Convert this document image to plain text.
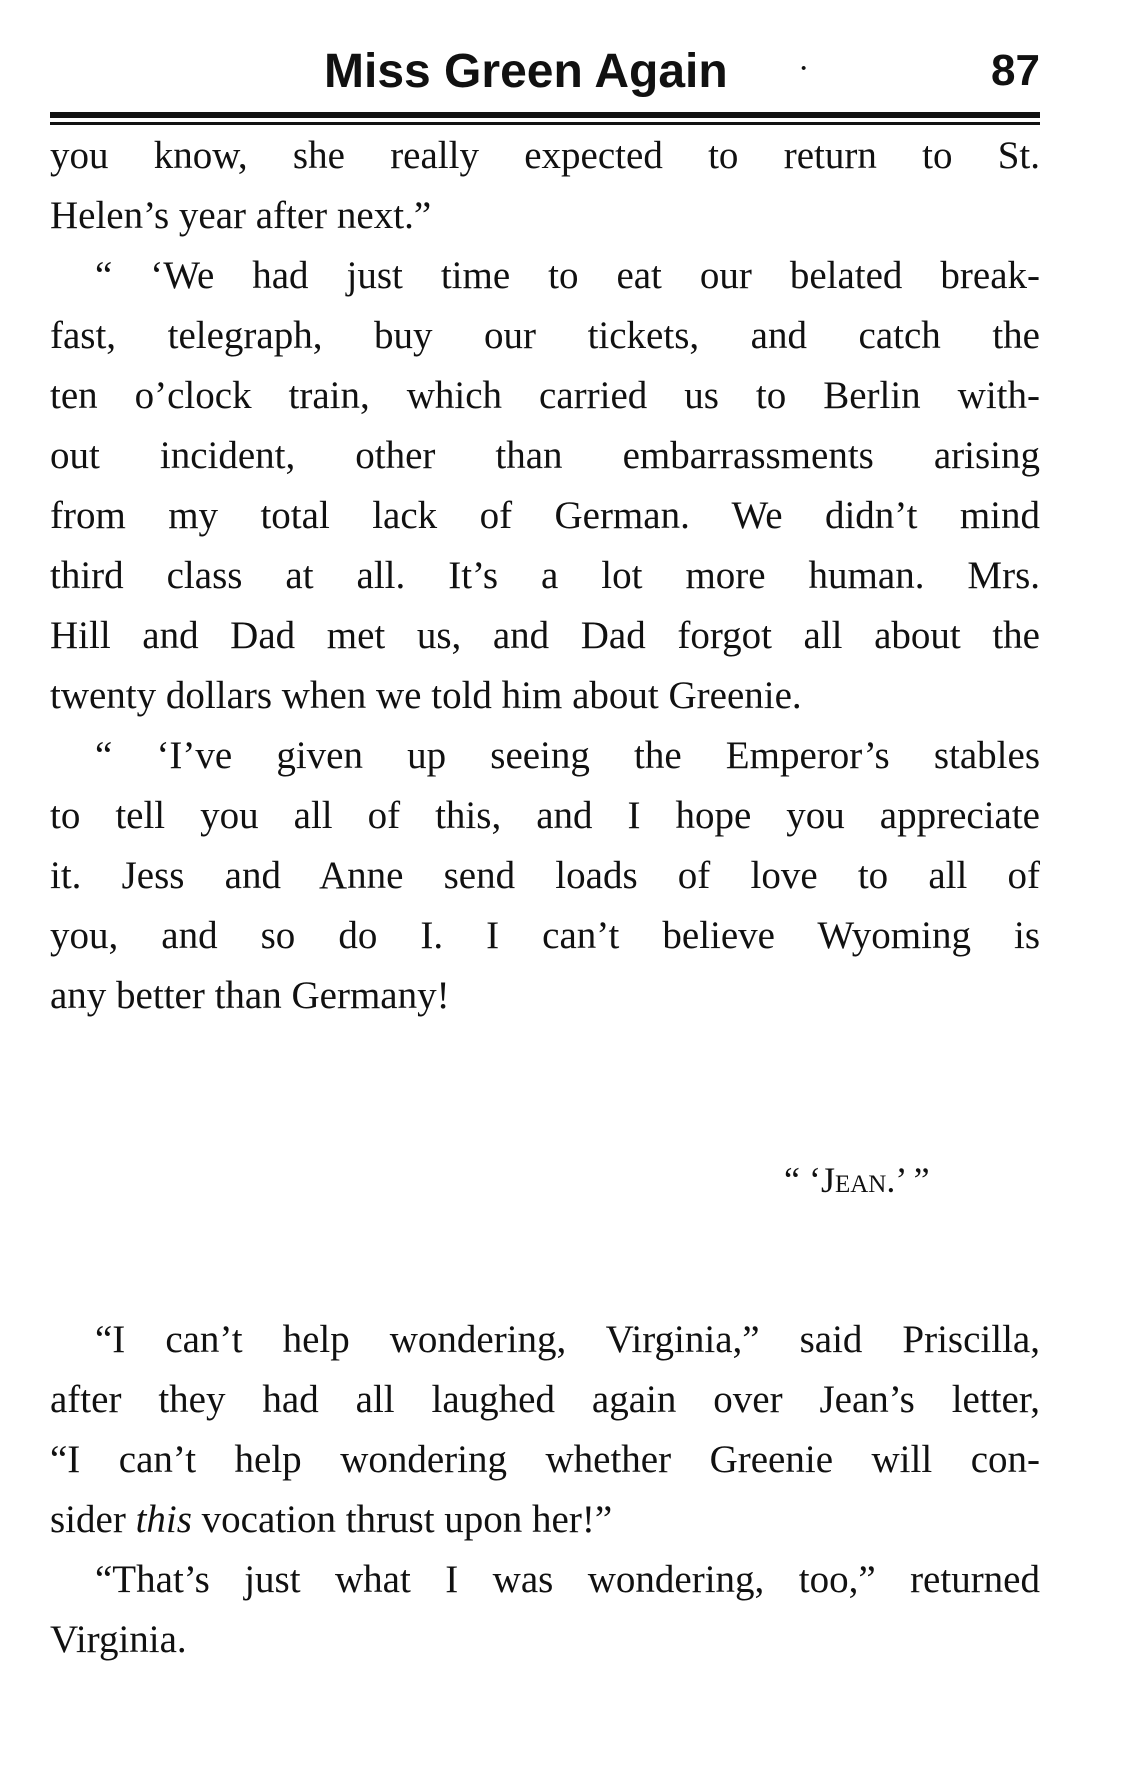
Miss Green Again ·	87
you know, she really expected to return to St.
Helen’s year after next.”
“ ‘We had just time to eat our belated break-
fast, telegraph, buy our tickets, and catch the
ten o’clock train, which carried us to Berlin with-
out incident, other than embarrassments arising
from my total lack of German. We didn’t mind
third class at all. It’s a lot more human. Mrs.
Hill and Dad met us, and Dad forgot all about the
twenty dollars when we told him about Greenie.
“ ‘I’ve given up seeing the Emperor’s stables
to tell you all of this, and I hope you appreciate
it. Jess and Anne send loads of love to all of
you, and so do I. I can’t believe Wyoming is
any better than Germany!
“ ‘Jean.’ ”
“I can’t help wondering, Virginia,” said Priscilla,
after they had all laughed again over Jean’s letter,
“I can’t help wondering whether Greenie will con-
sider this vocation thrust upon her!”
“That’s just what I was wondering, too,” returned
Virginia.
